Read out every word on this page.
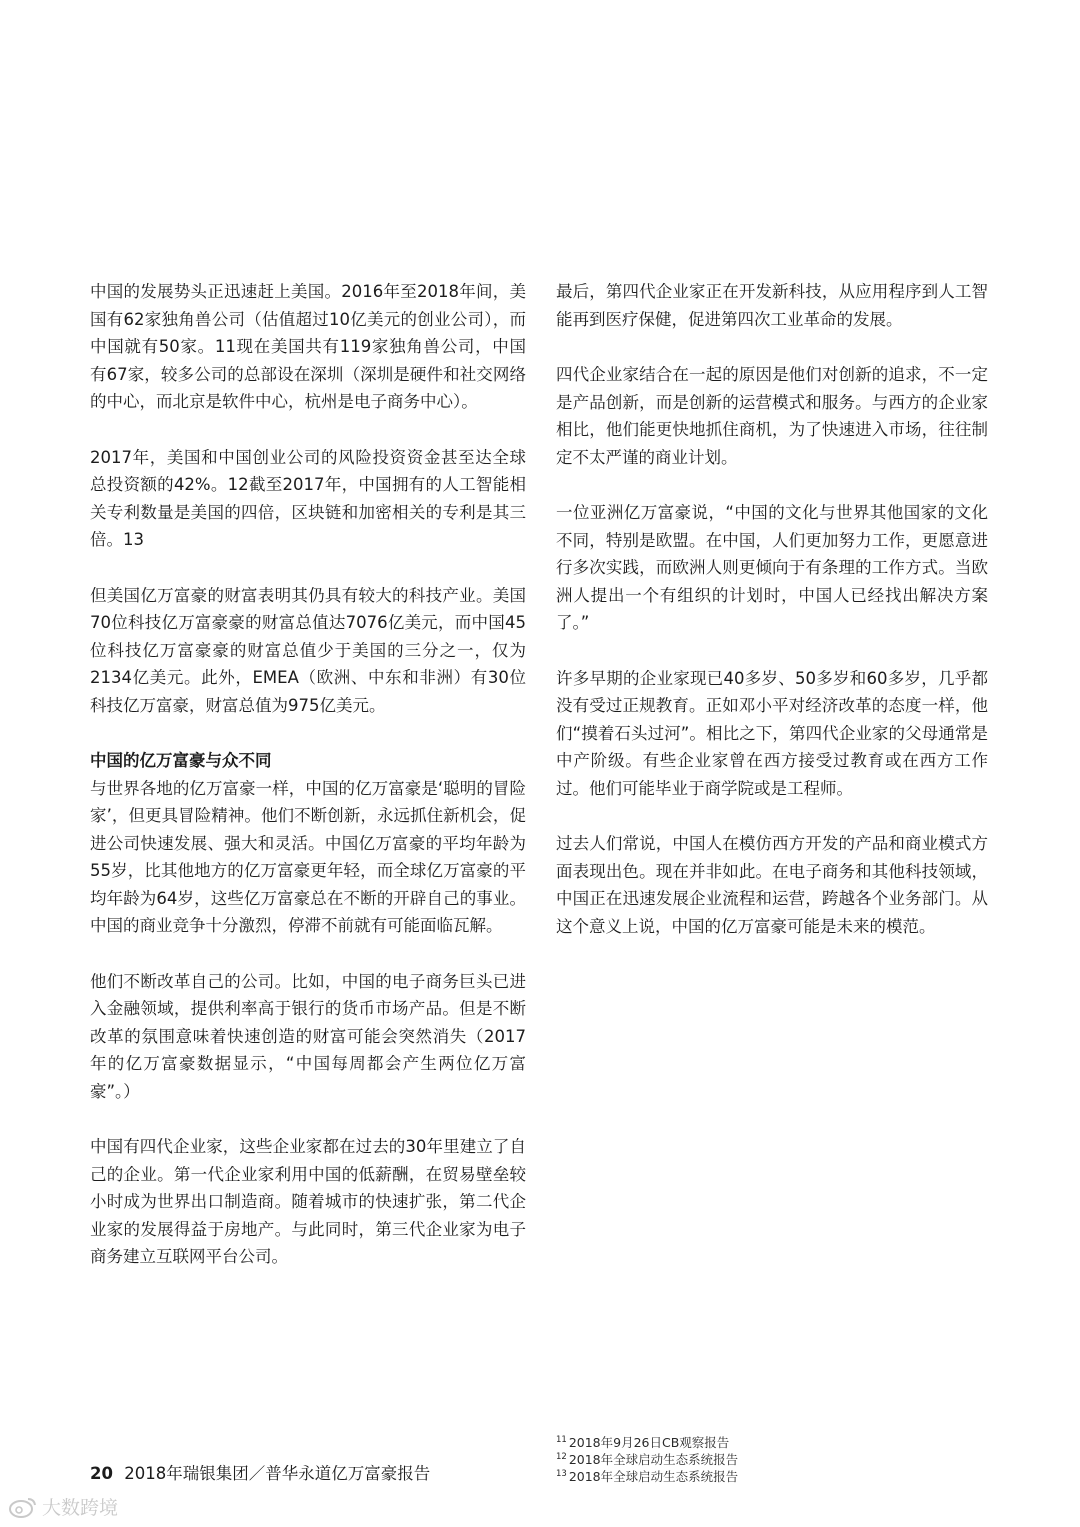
中国的发展势头正迅速赶上美国。2016年至2018年间，美国有62家独角兽公司（估值超过10亿美元的创业公司），而中国就有50家。11现在美国共有119家独角兽公司，中国有67家，较多公司的总部设在深圳（深圳是硬件和社交网络的中心，而北京是软件中心，杭州是电子商务中心）。

2017年，美国和中国创业公司的风险投资资金甚至达全球总投资额的42%。12截至2017年，中国拥有的人工智能相关专利数量是美国的四倍，区块链和加密相关的专利是其三倍。13

但美国亿万富豪的财富表明其仍具有较大的科技产业。美国70位科技亿万富豪豪的财富总值达7076亿美元，而中国45位科技亿万富豪豪的财富总值少于美国的三分之一，仅为2134亿美元。此外，EMEA（欧洲、中东和非洲）有30位科技亿万富豪，财富总值为975亿美元。

中国的亿万富豪与众不同

与世界各地的亿万富豪一样，中国的亿万富豪是‘聪明的冒险家’，但更具冒险精神。他们不断创新，永远抓住新机会，促进公司快速发展、强大和灵活。中国亿万富豪的平均年龄为55岁，比其他地方的亿万富豪更年轻，而全球亿万富豪的平均年龄为64岁，这些亿万富豪总在不断的开辟自己的事业。中国的商业竞争十分激烈，停滞不前就有可能面临瓦解。

他们不断改革自己的公司。比如，中国的电子商务巨头已进入金融领域，提供利率高于银行的货币市场产品。但是不断改革的氛围意味着快速创造的财富可能会突然消失（2017年的亿万富豪数据显示，“中国每周都会产生两位亿万富豪”。）

中国有四代企业家，这些企业家都在过去的30年里建立了自己的企业。第一代企业家利用中国的低薪酬，在贸易壁垒较小时成为世界出口制造商。随着城市的快速扩张，第二代企业家的发展得益于房地产。与此同时，第三代企业家为电子商务建立互联网平台公司。

最后，第四代企业家正在开发新科技，从应用程序到人工智能再到医疗保健，促进第四次工业革命的发展。

四代企业家结合在一起的原因是他们对创新的追求，不一定是产品创新，而是创新的运营模式和服务。与西方的企业家相比，他们能更快地抓住商机，为了快速进入市场，往往制定不太严谨的商业计划。

一位亚洲亿万富豪说，“中国的文化与世界其他国家的文化不同，特别是欧盟。在中国，人们更加努力工作，更愿意进行多次实践，而欧洲人则更倾向于有条理的工作方式。当欧洲人提出一个有组织的计划时，中国人已经找出解决方案了。”

许多早期的企业家现已40多岁、50多岁和60多岁，几乎都没有受过正规教育。正如邓小平对经济改革的态度一样，他们“摸着石头过河”。相比之下，第四代企业家的父母通常是中产阶级。有些企业家曾在西方接受过教育或在西方工作过。他们可能毕业于商学院或是工程师。

过去人们常说，中国人在模仿西方开发的产品和商业模式方面表现出色。现在并非如此。在电子商务和其他科技领域，中国正在迅速发展企业流程和运营，跨越各个业务部门。从这个意义上说，中国的亿万富豪可能是未来的模范。

$^{11}$ 2018年9月26日CB观察报告
$^{12}$ 2018年全球启动生态系统报告
$^{13}$ 2018年全球启动生态系统报告
20 2018年瑞银集团／普华永道亿万富豪报告
大数跨境
